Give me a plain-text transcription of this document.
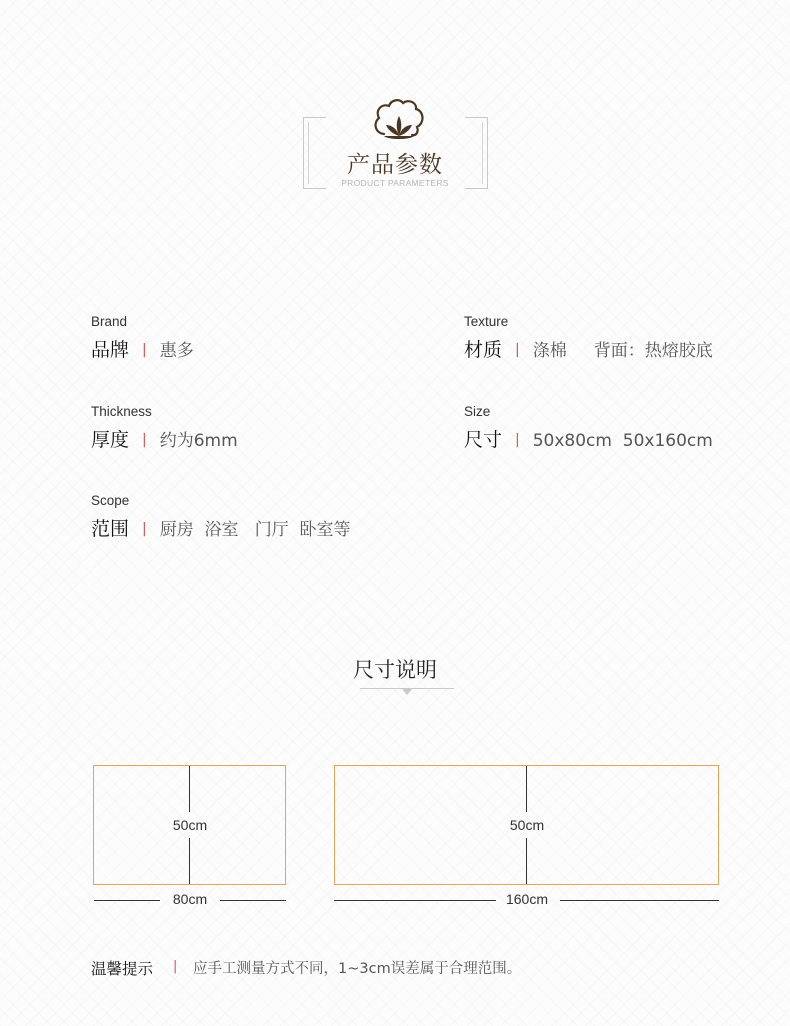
产品参数
PRODUCT PARAMETERS
Brand
品牌 | 惠多
Texture
材质 | 涤棉     背面：热熔胶底
Thickness
厚度 | 约为6mm
Size
尺寸 | 50x80cm  50x160cm
Scope
范围 | 厨房  浴室   门厅  卧室等
尺寸说明
50cm
80cm
50cm
160cm
温馨提示 | 应手工测量方式不同，1~3cm误差属于合理范围。
